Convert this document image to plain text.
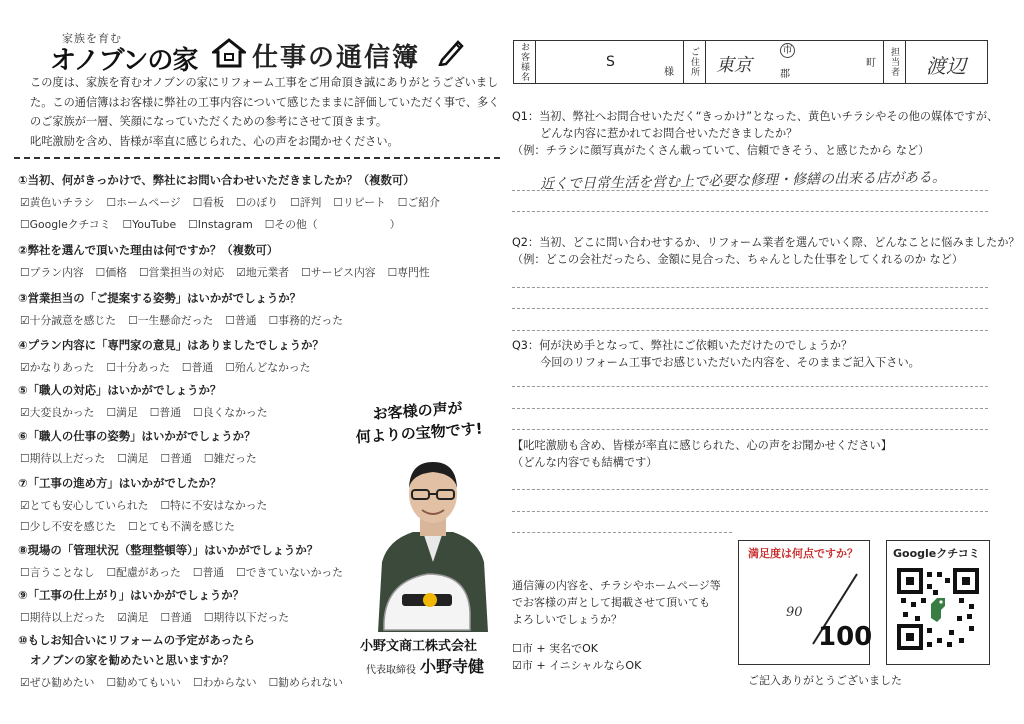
家族を育む
オノブンの家 仕事の通信簿

この度は、家族を育むオノブンの家にリフォーム工事をご用命頂き誠にありがとうございまし

た。この通信簿はお客様に弊社の工事内容について感じたままに評価していただく事で、多く

のご家族が一層、笑顔になっていただくための参考にさせて頂きます。

叱咤激励を含め、皆様が率直に感じられた、心の声をお聞かせください。

①当初、何がきっかけで、弊社にお問い合わせいただきましたか？（複数可）
☑黄色いチラシ ☐ホームページ ☐看板 ☐のぼり ☐評判 ☐リピート ☐ご紹介
☐Googleクチコミ ☐YouTube ☐Instagram ☐その他（	）
②弊社を選んで頂いた理由は何ですか？（複数可）
☐プラン内容 ☐価格 ☐営業担当の対応 ☑地元業者 ☐サービス内容 ☐専門性
③営業担当の「ご提案する姿勢」はいかがでしょうか？
☑十分誠意を感じた ☐一生懸命だった ☐普通 ☐事務的だった
④プラン内容に「専門家の意見」はありましたでしょうか？
☑かなりあった ☐十分あった ☐普通 ☐殆んどなかった
⑤「職人の対応」はいかがでしょうか？
☑大変良かった ☐満足 ☐普通 ☐良くなかった
⑥「職人の仕事の姿勢」はいかがでしょうか？
☐期待以上だった ☐満足 ☐普通 ☐雑だった
⑦「工事の進め方」はいかがでしたか？
☑とても安心していられた ☐特に不安はなかった
☐少し不安を感じた ☐とても不満を感じた
⑧現場の「管理状況（整理整頓等）」はいかがでしょうか？
☐言うことなし ☐配慮があった ☐普通 ☐できていないかった
⑨「工事の仕上がり」はいかがでしょうか？
☐期待以上だった ☑満足 ☐普通 ☐期待以下だった
⑩もしお知合いにリフォームの予定があったら
オノブンの家を勧めたいと思いますか？
☑ぜひ勧めたい ☐勧めてもいい ☐わからない ☐勧められない
お客様名	S
様	ご住所 東京
市
郡
町	担当者	渡辺
Q1：当初、弊社へお問合せいただく“きっかけ”となった、黄色いチラシやその他の媒体ですが、
どんな内容に惹かれてお問合せいただきましたか？
（例：チラシに顔写真がたくさん載っていて、信頼できそう、と感じたから など）
近くで日常生活を営む上で必要な修理・修繕の出来る店がある。
Q2：当初、どこに問い合わせするか、リフォーム業者を選んでいく際、どんなことに悩みましたか？
（例：どこの会社だったら、金額に見合った、ちゃんとした仕事をしてくれるのか など）
Q3：何が決め手となって、弊社にご依頼いただけたのでしょうか？
今回のリフォーム工事でお感じいただいた内容を、そのままご記入下さい。
【叱咤激励も含め、皆様が率直に感じられた、心の声をお聞かせください】
（どんな内容でも結構です）
お客様の声が
何よりの宝物です!
小野文商工株式会社
代表取締役 小野寺健
通信簿の内容を、チラシやホームページ等
でお客様の声として掲載させて頂いても
よろしいでしょうか？
☐市 + 実名でOK
☑市 + イニシャルならOK
満足度は何点ですか？
90
100
Googleクチコミ
ご記入ありがとうございました
